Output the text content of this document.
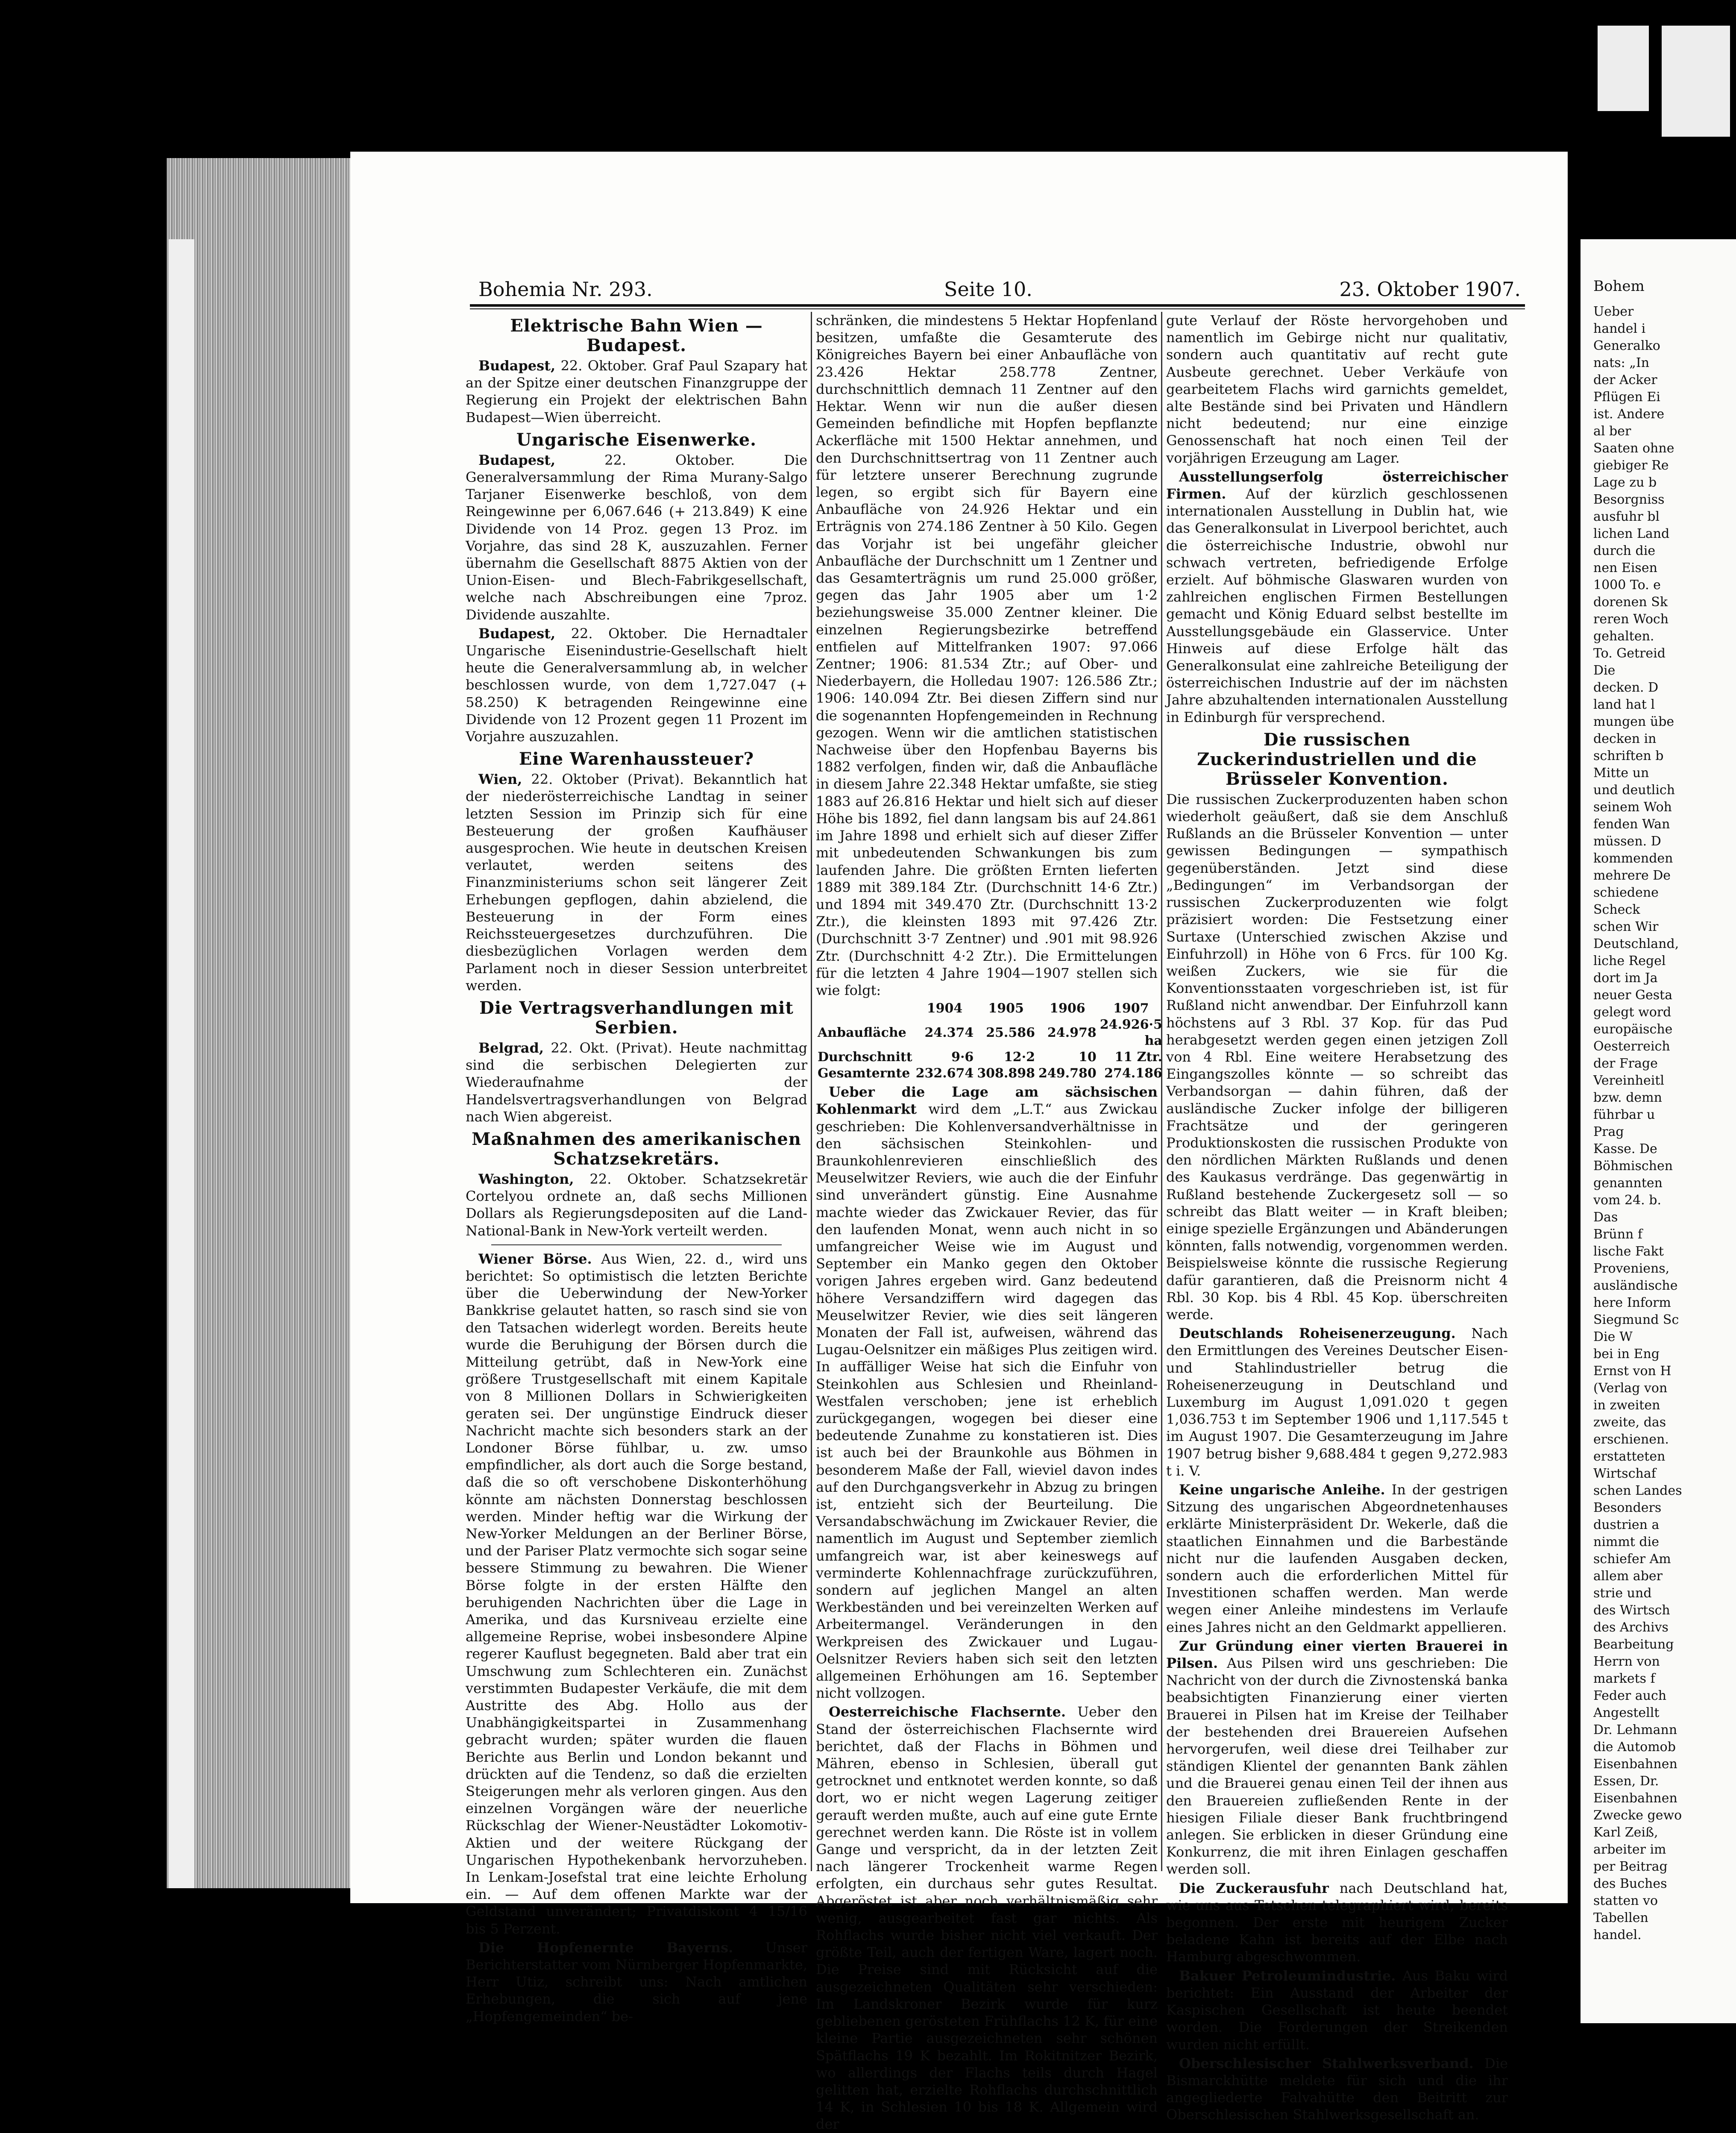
Bohem
Ueber
handel i
Generalko
nats: „In
der Acker
Pflügen Ei
ist. Andere
al ber
Saaten ohne
giebiger Re
Lage zu b
Besorgniss
ausfuhr bl
lichen Land
durch die
nen Eisen
1000 To. e
dorenen Sk
reren Woch
gehalten.
To. Getreid
Die
decken. D
land hat l
mungen übe
decken in
schriften b
Mitte un
und deutlich
seinem Woh
fenden Wan
müssen. D
kommenden
mehrere De
schiedene
Scheck
schen Wir
Deutschland,
liche Regel
dort im Ja
neuer Gesta
gelegt word
europäische
Oesterreich
der Frage
Vereinheitl
bzw. demn
führbar u
Prag
Kasse. De
Böhmischen
genannten
vom 24. b.
Das
Brünn f
lische Fakt
Proveniens,
ausländische
here Inform
Siegmund Sc
Die W
bei in Eng
Ernst von H
(Verlag von
in zweiten
zweite, das
erschienen.
erstatteten
Wirtschaf
schen Landes
Besonders
dustrien a
nimmt die
schiefer Am
allem aber
strie und
des Wirtsch
des Archivs
Bearbeitung
Herrn von
markets f
Feder auch
Angestellt
Dr. Lehmann
die Automob
Eisenbahnen
Essen, Dr.
Eisenbahnen
Zwecke gewo
Karl Zeiß,
arbeiter im
per Beitrag
des Buches
statten vo
Tabellen
handel.
Bohemia Nr. 293.	Seite 10.	23. Oktober 1907.
Elektrische Bahn Wien — Budapest.

Budapest, 22. Oktober. Graf Paul Szapary hat an der Spitze einer deutschen Finanzgruppe der Regierung ein Projekt der elektrischen Bahn Budapest—Wien überreicht.

Ungarische Eisenwerke.

Budapest,	22. Oktober. Die Generalversammlung der Rima Murany-Salgo Tarjaner Eisenwerke beschloß, von dem Reingewinne per 6,067.646 (+ 213.849) K eine Dividende von 14 Proz. gegen 13 Proz. im Vorjahre, das sind 28 K, auszuzahlen. Ferner übernahm die Gesellschaft 8875 Aktien von der Union-Eisen- und Blech-Fabrikgesellschaft, welche nach Abschreibungen eine 7proz. Dividende auszahlte.

Budapest, 22. Oktober. Die Hernadtaler Ungarische Eisenindustrie-Gesellschaft hielt heute die Generalversammlung ab, in welcher beschlossen wurde, von dem 1,727.047 (+ 58.250) K betragenden Reingewinne eine Dividende von 12 Prozent gegen 11 Prozent im Vorjahre auszuzahlen.

Eine Warenhaussteuer?

Wien, 22. Oktober (Privat). Bekanntlich hat der niederösterreichische Landtag in seiner letzten Session im Prinzip sich für eine Besteuerung der großen Kaufhäuser ausgesprochen. Wie heute in deutschen Kreisen verlautet, werden seitens des Finanzministeriums schon seit längerer Zeit Erhebungen gepflogen, dahin abzielend, die Besteuerung in der Form eines Reichssteuergesetzes durchzuführen. Die diesbezüglichen Vorlagen werden dem Parlament noch in dieser Session unterbreitet werden.

Die Vertragsverhandlungen mit Serbien.

Belgrad, 22. Okt. (Privat). Heute nachmittag sind die serbischen Delegierten zur Wiederaufnahme der Handelsvertragsverhandlungen von Belgrad nach Wien abgereist.

Maßnahmen des amerikanischen Schatzsekretärs.

Washington, 22. Oktober. Schatzsekretär Cortelyou ordnete an, daß sechs Millionen Dollars als Regierungsdepositen auf die Land-National-Bank in New-York verteilt werden.

Wiener Börse. Aus Wien, 22. d., wird uns berichtet: So optimistisch die letzten Berichte über die Ueberwindung der New-Yorker Bankkrise gelautet hatten, so rasch sind sie von den Tatsachen widerlegt worden. Bereits heute wurde die Beruhigung der Börsen durch die Mitteilung getrübt, daß in New-York eine größere Trustgesellschaft mit einem Kapitale von 8 Millionen Dollars in Schwierigkeiten geraten sei. Der ungünstige Eindruck dieser Nachricht machte sich besonders stark an der Londoner Börse fühlbar, u. zw. umso empfindlicher, als dort auch die Sorge bestand, daß die so oft verschobene Diskonterhöhung könnte am nächsten Donnerstag beschlossen werden. Minder heftig war die Wirkung der New-Yorker Meldungen an der Berliner Börse, und der Pariser Platz vermochte sich sogar seine bessere Stimmung zu bewahren. Die Wiener Börse folgte in der ersten Hälfte den beruhigenden Nachrichten über die Lage in Amerika, und das Kursniveau erzielte eine allgemeine Reprise, wobei insbesondere Alpine regerer Kauflust begegneten. Bald aber trat ein Umschwung zum Schlechteren ein. Zunächst verstimmten Budapester Verkäufe, die mit dem Austritte des Abg. Hollo aus der Unabhängigkeitspartei in Zusammenhang gebracht wurden; später wurden die flauen Berichte aus Berlin und London bekannt und drückten auf die Tendenz, so daß die erzielten Steigerungen mehr als verloren gingen. Aus den einzelnen Vorgängen wäre der neuerliche Rückschlag der Wiener-Neustädter Lokomotiv-Aktien und der weitere Rückgang der Ungarischen Hypothekenbank hervorzuheben. In Lenkam-Josefstal trat eine leichte Erholung ein. — Auf dem offenen Markte war der Geldstand unverändert; Privatdiskont 4 15/16 bis 5 Perzent.

Die Hopfenernte Bayerns. Unser Berichterstatter vom Nürnberger Hopfenmarkte, Herr Utiz, schreibt uns: Nach amtlichen Erhebungen, die sich auf jene „Hopfengemeinden“ be-

schränken, die mindestens 5 Hektar Hopfenland besitzen, umfaßte die Gesamterute des Königreiches Bayern bei einer Anbaufläche von 23.426 Hektar 258.778 Zentner, durchschnittlich demnach 11 Zentner auf den Hektar. Wenn wir nun die außer diesen Gemeinden befindliche mit Hopfen bepflanzte Ackerfläche mit 1500 Hektar annehmen, und den Durchschnittsertrag von 11 Zentner auch für letztere unserer Berechnung zugrunde legen, so ergibt sich für Bayern eine Anbaufläche von 24.926 Hektar und ein Erträgnis von 274.186 Zentner à 50 Kilo. Gegen das Vorjahr ist bei ungefähr gleicher Anbaufläche der Durchschnitt um 1 Zentner und das Gesamterträgnis um rund 25.000 größer, gegen das Jahr 1905 aber um 1·2 beziehungsweise 35.000 Zentner kleiner. Die einzelnen Regierungsbezirke betreffend entfielen auf Mittelfranken 1907: 97.066 Zentner; 1906: 81.534 Ztr.; auf Ober- und Niederbayern, die Holledau 1907: 126.586 Ztr.; 1906: 140.094 Ztr. Bei diesen Ziffern sind nur die sogenannten Hopfengemeinden in Rechnung gezogen. Wenn wir die amtlichen statistischen Nachweise über den Hopfenbau Bayerns bis 1882 verfolgen, finden wir, daß die Anbaufläche in diesem Jahre 22.348 Hektar umfaßte, sie stieg 1883 auf 26.816 Hektar und hielt sich auf dieser Höhe bis 1892, fiel dann langsam bis auf 24.861 im Jahre 1898 und erhielt sich auf dieser Ziffer mit unbedeutenden Schwankungen bis zum laufenden Jahre. Die größten Ernten lieferten 1889 mit 389.184 Ztr. (Durchschnitt 14·6 Ztr.) und 1894 mit 349.470 Ztr. (Durchschnitt 13·2 Ztr.), die kleinsten 1893 mit 97.426 Ztr. (Durchschnitt 3·7 Zentner) und .901 mit 98.926 Ztr. (Durchschnitt 4·2 Ztr.). Die Ermittelungen für die letzten 4 Jahre 1904—1907 stellen sich wie folgt:

	1904	1905	1906	1907
Anbaufläche	24.374	25.586	24.978	24.926·5 ha
Durchschnitt	9·6	12·2	10	11 Ztr.
Gesamternte	232.674	308.898	249.780	274.186

Ueber die Lage am sächsischen Kohlenmarkt wird dem „L.T.“ aus Zwickau geschrieben: Die Kohlenversandverhältnisse in den sächsischen Steinkohlen- und Braunkohlenrevieren einschließlich des Meuselwitzer Reviers, wie auch die der Einfuhr sind unverändert günstig. Eine Ausnahme machte wieder das Zwickauer Revier, das für den laufenden Monat, wenn auch nicht in so umfangreicher Weise wie im August und September ein Manko gegen den Oktober vorigen Jahres ergeben wird. Ganz bedeutend höhere Versandziffern wird dagegen das Meuselwitzer Revier, wie dies seit längeren Monaten der Fall ist, aufweisen, während das Lugau-Oelsnitzer ein mäßiges Plus zeitigen wird. In auffälliger Weise hat sich die Einfuhr von Steinkohlen aus Schlesien und Rheinland-Westfalen verschoben; jene ist erheblich zurückgegangen, wogegen bei dieser eine bedeutende Zunahme zu konstatieren ist. Dies ist auch bei der Braunkohle aus Böhmen in besonderem Maße der Fall, wieviel davon indes auf den Durchgangsverkehr in Abzug zu bringen ist, entzieht sich der Beurteilung. Die Versandabschwächung im Zwickauer Revier, die namentlich im August und September ziemlich umfangreich war, ist aber keineswegs auf verminderte Kohlennachfrage zurückzuführen, sondern auf jeglichen Mangel an alten Werkbeständen und bei vereinzelten Werken auf Arbeitermangel. Veränderungen in den Werkpreisen des Zwickauer und Lugau-Oelsnitzer Reviers haben sich seit den letzten allgemeinen Erhöhungen am 16. September nicht vollzogen.

Oesterreichische Flachsernte. Ueber den Stand der österreichischen Flachsernte wird berichtet, daß der Flachs in Böhmen und Mähren, ebenso in Schlesien, überall gut getrocknet und entknotet werden konnte, so daß dort, wo er nicht wegen Lagerung zeitiger gerauft werden mußte, auch auf eine gute Ernte gerechnet werden kann. Die Röste ist in vollem Gange und verspricht, da in der letzten Zeit nach längerer Trockenheit warme Regen erfolgten, ein durchaus sehr gutes Resultat. Abgeröstet ist aber noch verhältnismäßig sehr wenig, ausgearbeitet fast gar nichts. Als Rohflachs wurde bisher nicht viel verkauft. Der größte Teil, auch der fertigen Ware, lagert noch. Die Preise sind mit Rücksicht auf die ausgezeichneten Qualitäten sehr verschieden: Im Landskroner Bezirk wurde für kurz gebliebenen gerösteten Frühflachs 12 K, für eine kleine Partie ausgezeichneten sehr schönen Spätflachs 19 K bezahlt. Im Rokitnitzer Bezirk, wo allerdings der Flachs teils durch Hagel gelitten hat, erzielte Rohflachs durchschnittlich 14 K, in Schlesien 10 bis 18 K. Allgemein wird der

gute Verlauf der Röste hervorgehoben und namentlich im Gebirge nicht nur qualitativ, sondern auch quantitativ auf recht gute Ausbeute gerechnet. Ueber Verkäufe von gearbeitetem Flachs wird garnichts gemeldet, alte Bestände sind bei Privaten und Händlern nicht bedeutend; nur eine einzige Genossenschaft hat noch einen Teil der vorjährigen Erzeugung am Lager.

Ausstellungserfolg österreichischer Firmen. Auf der kürzlich geschlossenen internationalen Ausstellung in Dublin hat, wie das Generalkonsulat in Liverpool berichtet, auch die österreichische Industrie, obwohl nur schwach vertreten, befriedigende Erfolge erzielt. Auf böhmische Glaswaren wurden von zahlreichen englischen Firmen Bestellungen gemacht und König Eduard selbst bestellte im Ausstellungsgebäude ein Glasservice. Unter Hinweis auf diese Erfolge hält das Generalkonsulat eine zahlreiche Beteiligung der österreichischen Industrie auf der im nächsten Jahre abzuhaltenden internationalen Ausstellung in Edinburgh für versprechend.

Die russischen Zuckerindustriellen und die Brüsseler Konvention.

Die russischen Zuckerproduzenten haben schon wiederholt geäußert, daß sie dem Anschluß Rußlands an die Brüsseler Konvention — unter gewissen Bedingungen — sympathisch gegenüberständen. Jetzt sind diese „Bedingungen“ im Verbandsorgan der russischen Zuckerproduzenten wie folgt präzisiert worden: Die Festsetzung einer Surtaxe (Unterschied zwischen Akzise und Einfuhrzoll) in Höhe von 6 Frcs. für 100 Kg. weißen Zuckers, wie sie für die Konventionsstaaten vorgeschrieben ist, ist für Rußland nicht anwendbar. Der Einfuhrzoll kann höchstens auf 3 Rbl. 37 Kop. für das Pud herabgesetzt werden gegen einen jetzigen Zoll von 4 Rbl. Eine weitere Herabsetzung des Eingangszolles könnte — so schreibt das Verbandsorgan — dahin führen, daß der ausländische Zucker infolge der billigeren Frachtsätze und der geringeren Produktionskosten die russischen Produkte von den nördlichen Märkten Rußlands und denen des Kaukasus verdränge. Das gegenwärtig in Rußland bestehende Zuckergesetz soll — so schreibt das Blatt weiter — in Kraft bleiben; einige spezielle Ergänzungen und Abänderungen könnten, falls notwendig, vorgenommen werden. Beispielsweise könnte die russische Regierung dafür garantieren, daß die Preisnorm nicht 4 Rbl. 30 Kop. bis 4 Rbl. 45 Kop. überschreiten werde.

Deutschlands Roheisenerzeugung. Nach den Ermittlungen des Vereines Deutscher Eisen- und Stahlindustrieller betrug die Roheisenerzeugung in Deutschland und Luxemburg im August 1,091.020 t gegen 1,036.753 t im September 1906 und 1,117.545 t im August 1907. Die Gesamterzeugung im Jahre 1907 betrug bisher 9,688.484 t gegen 9,272.983 t i. V.

Keine ungarische Anleihe. In der gestrigen Sitzung des ungarischen Abgeordnetenhauses erklärte Ministerpräsident Dr. Wekerle, daß die staatlichen Einnahmen und die Barbestände nicht nur die laufenden Ausgaben decken, sondern auch die erforderlichen Mittel für Investitionen schaffen werden. Man werde wegen einer Anleihe mindestens im Verlaufe eines Jahres nicht an den Geldmarkt appellieren.

Zur Gründung einer vierten Brauerei in Pilsen. Aus Pilsen wird uns geschrieben: Die Nachricht von der durch die Zivnostenská banka beabsichtigten Finanzierung einer vierten Brauerei in Pilsen hat im Kreise der Teilhaber der bestehenden drei Brauereien Aufsehen hervorgerufen, weil diese drei Teilhaber zur ständigen Klientel der genannten Bank zählen und die Brauerei genau einen Teil der ihnen aus den Brauereien zufließenden Rente in der hiesigen Filiale dieser Bank fruchtbringend anlegen. Sie erblicken in dieser Gründung eine Konkurrenz, die mit ihren Einlagen geschaffen werden soll.

Die Zuckerausfuhr nach Deutschland hat, wie uns aus Tetschen telegraphiert wird, bereits begonnen. Der erste mit heurigem Zucker beladene Kahn ist bereits auf der Elbe nach Hamburg abgeschwommen.

Bakuer Petroleumindustrie. Aus Baku wird berichtet: Ein Ausstand der Arbeiter der Kaspischen Gesellschaft ist heute beendet worden. Die Forderungen der Streikenden wurden nicht erfüllt.

Oberschlesischer Stahlwerksverband. Die Bismarckhütte meldete für sich und die ihr angegliederte Falvahütte den Beitritt zur Oberschlesischen Stahlwerksgesellschaft an.
